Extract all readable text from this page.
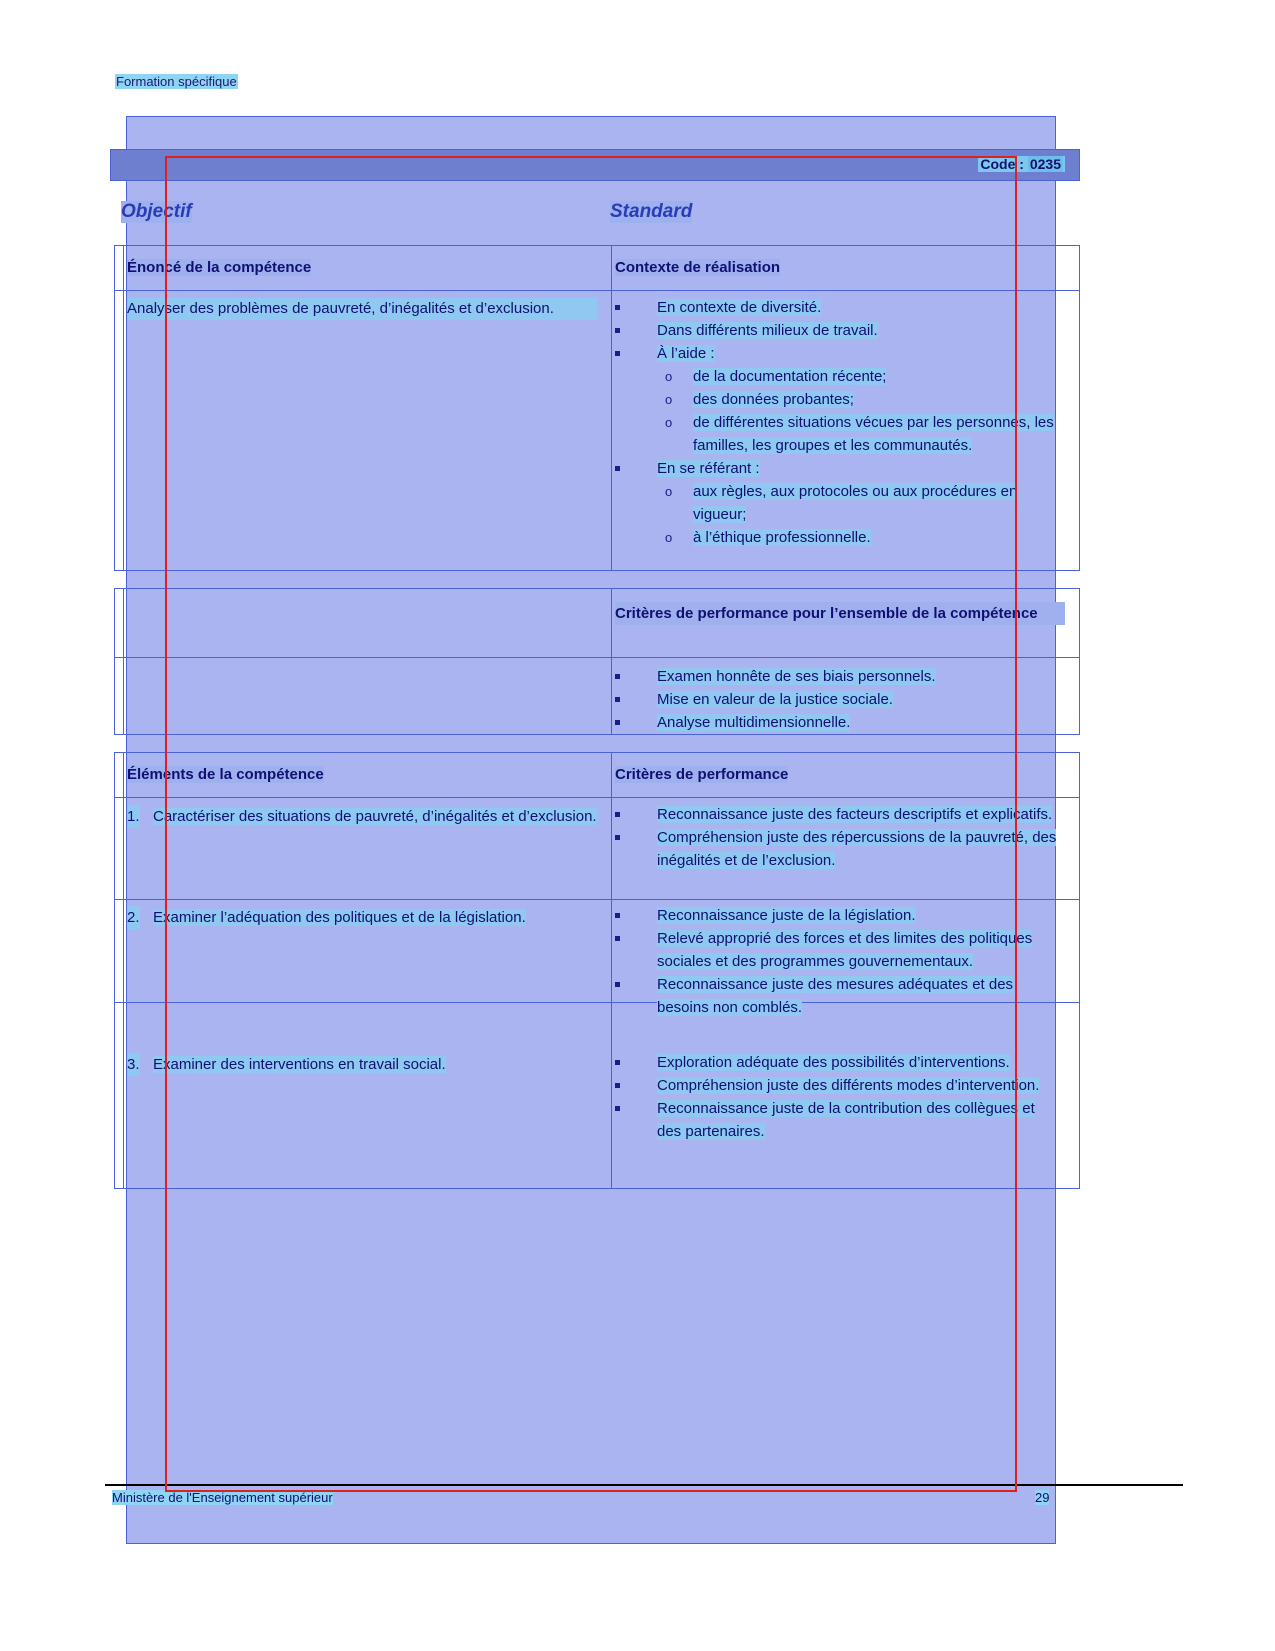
Formation spécifique
Code : 0235
Objectif	Standard
Énoncé de la compétence	Contexte de réalisation
Analyser des problèmes de pauvreté, d’inégalités et d’exclusion.	En contexte de diversité.
Dans différents milieux de travail.
À l’aide :
o de la documentation récente;
o des données probantes;
o de différentes situations vécues par les personnes, les familles, les groupes et les communautés.
En se référant :
o aux règles, aux protocoles ou aux procédures en vigueur;
o à l’éthique professionnelle.
Critères de performance pour l’ensemble de la compétence
Examen honnête de ses biais personnels.
Mise en valeur de la justice sociale.
Analyse multidimensionnelle.
Éléments de la compétence	Critères de performance
1. Caractériser des situations de pauvreté, d’inégalités et d’exclusion.	Reconnaissance juste des facteurs descriptifs et explicatifs.
Compréhension juste des répercussions de la pauvreté, des inégalités et de l’exclusion.
2. Examiner l’adéquation des politiques et de la législation.	Reconnaissance juste de la législation.
Relevé approprié des forces et des limites des politiques sociales et des programmes gouvernementaux.
Reconnaissance juste des mesures adéquates et des besoins non comblés.
3. Examiner des interventions en travail social.	Exploration adéquate des possibilités d’interventions.
Compréhension juste des différents modes d’intervention.
Reconnaissance juste de la contribution des collègues et des partenaires.
Ministère de l'Enseignement supérieur	29
